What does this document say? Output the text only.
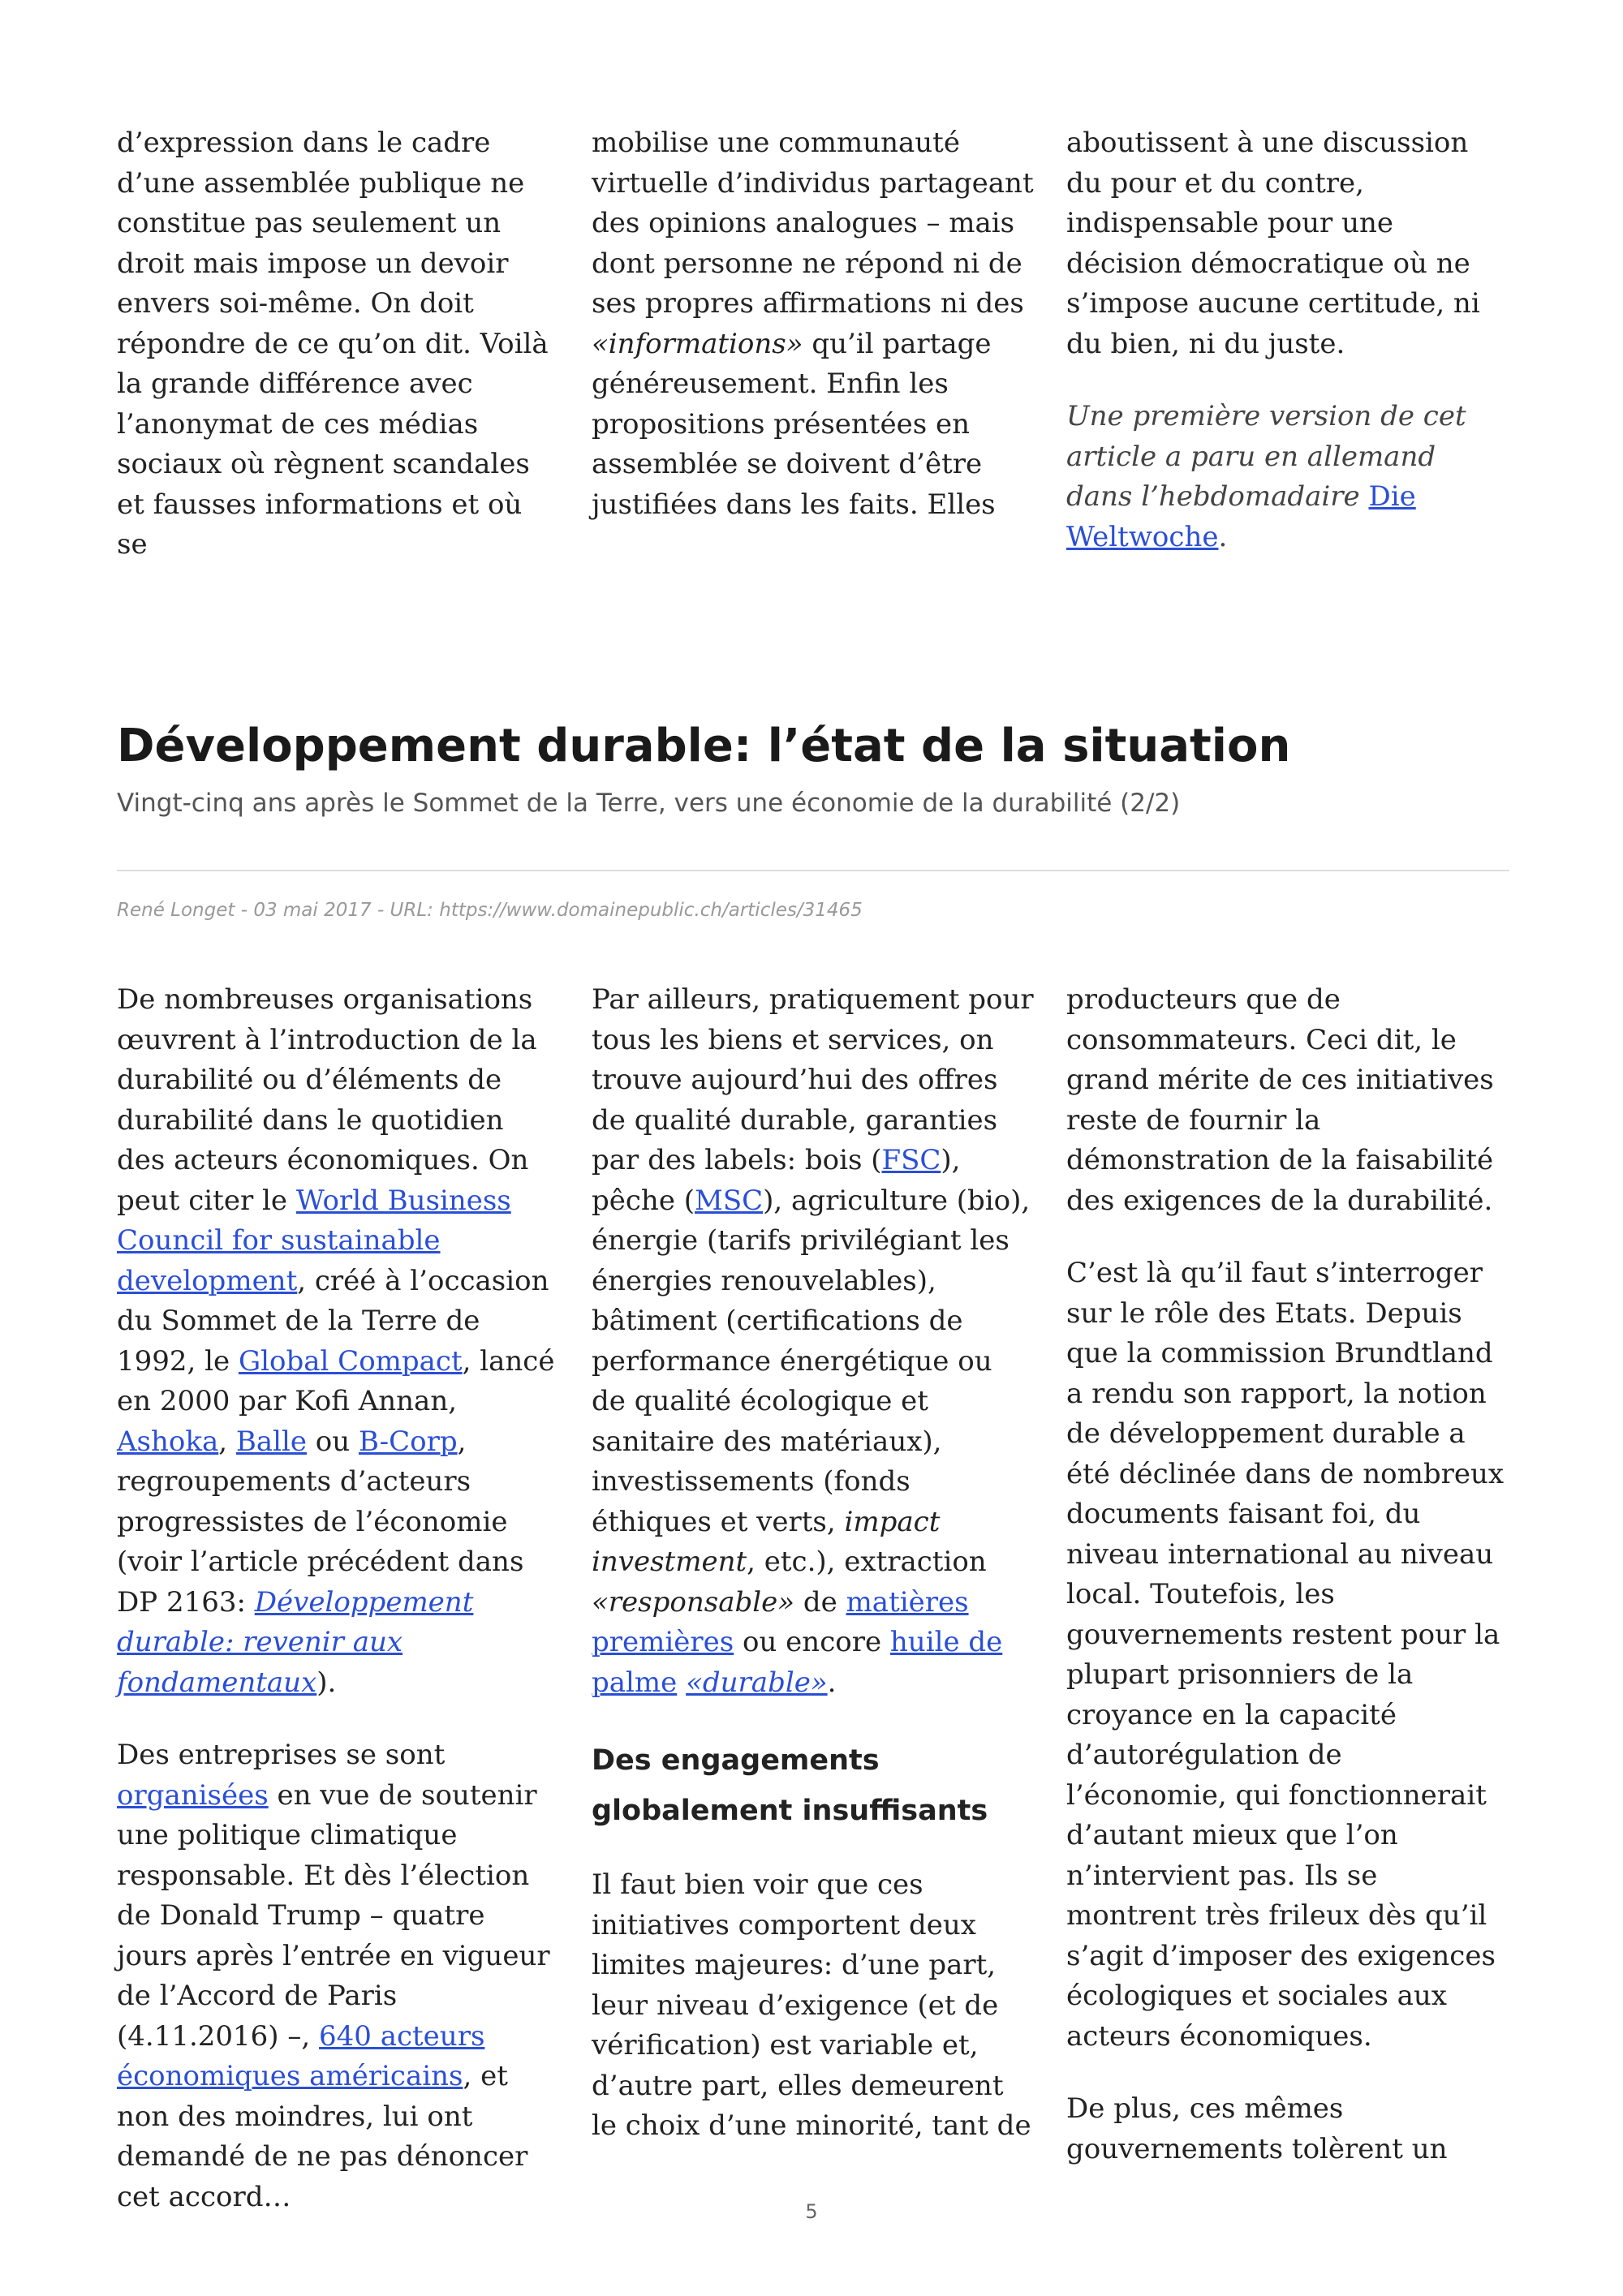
d’expression dans le cadre d’une assemblée publique ne constitue pas seulement un droit mais impose un devoir envers soi-même. On doit répondre de ce qu’on dit. Voilà la grande différence avec l’anonymat de ces médias sociaux où règnent scandales et fausses informations et où se

mobilise une communauté virtuelle d’individus partageant des opinions analogues – mais dont personne ne répond ni de ses propres affirmations ni des «informations» qu’il partage généreusement. Enfin les propositions présentées en assemblée se doivent d’être justifiées dans les faits. Elles

aboutissent à une discussion du pour et du contre, indispensable pour une décision démocratique où ne s’impose aucune certitude, ni du bien, ni du juste.

Une première version de cet article a paru en allemand dans l’hebdomadaire Die Weltwoche.

Développement durable: l’état de la situation
Vingt-cinq ans après le Sommet de la Terre, vers une économie de la durabilité (2/2)

René Longet - 03 mai 2017 - URL: https://www.domainepublic.ch/articles/31465

De nombreuses organisations œuvrent à l’introduction de la durabilité ou d’éléments de durabilité dans le quotidien des acteurs économiques. On peut citer le World Business Council for sustainable development, créé à l’occasion du Sommet de la Terre de 1992, le Global Compact, lancé en 2000 par Kofi Annan, Ashoka, Balle ou B-Corp, regroupements d’acteurs progressistes de l’économie (voir l’article précédent dans DP 2163: Développement durable: revenir aux fondamentaux).

Des entreprises se sont organisées en vue de soutenir une politique climatique responsable. Et dès l’élection de Donald Trump – quatre jours après l’entrée en vigueur de l’Accord de Paris (4.11.2016) –, 640 acteurs économiques américains, et non des moindres, lui ont demandé de ne pas dénoncer cet accord…

Par ailleurs, pratiquement pour tous les biens et services, on trouve aujourd’hui des offres de qualité durable, garanties par des labels: bois (FSC), pêche (MSC), agriculture (bio), énergie (tarifs privilégiant les énergies renouvelables), bâtiment (certifications de performance énergétique ou de qualité écologique et sanitaire des matériaux), investissements (fonds éthiques et verts, impact investment, etc.), extraction «responsable» de matières premières ou encore huile de palme «durable».

Des engagements globalement insuffisants

Il faut bien voir que ces initiatives comportent deux limites majeures: d’une part, leur niveau d’exigence (et de vérification) est variable et, d’autre part, elles demeurent le choix d’une minorité, tant de

producteurs que de consommateurs. Ceci dit, le grand mérite de ces initiatives reste de fournir la démonstration de la faisabilité des exigences de la durabilité.

C’est là qu’il faut s’interroger sur le rôle des Etats. Depuis que la commission Brundtland a rendu son rapport, la notion de développement durable a été déclinée dans de nombreux documents faisant foi, du niveau international au niveau local. Toutefois, les gouvernements restent pour la plupart prisonniers de la croyance en la capacité d’autorégulation de l’économie, qui fonctionnerait d’autant mieux que l’on n’intervient pas. Ils se montrent très frileux dès qu’il s’agit d’imposer des exigences écologiques et sociales aux acteurs économiques.

De plus, ces mêmes gouvernements tolèrent un

5
